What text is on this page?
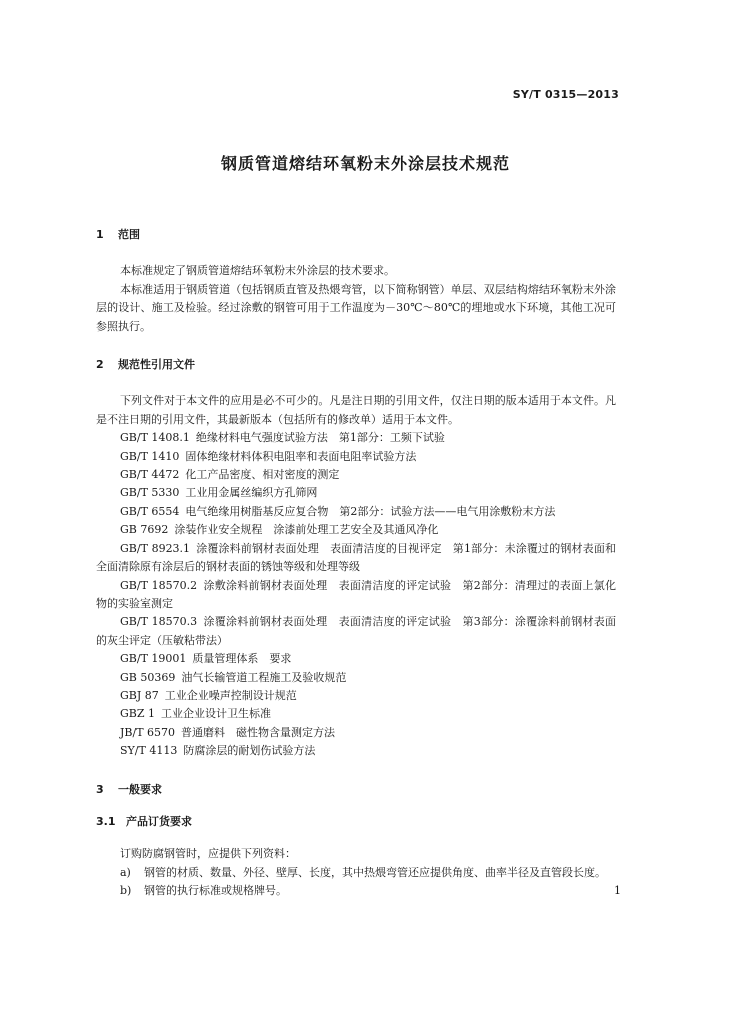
SY/T 0315—2013
钢质管道熔结环氧粉末外涂层技术规范
1 范围

本标准规定了钢质管道熔结环氧粉末外涂层的技术要求。

本标准适用于钢质管道（包括钢质直管及热煨弯管，以下简称钢管）单层、双层结构熔结环氧粉末外涂层的设计、施工及检验。经过涂敷的钢管可用于工作温度为－30℃～80℃的埋地或水下环境，其他工况可参照执行。

2 规范性引用文件

下列文件对于本文件的应用是必不可少的。凡是注日期的引用文件，仅注日期的版本适用于本文件。凡是不注日期的引用文件，其最新版本（包括所有的修改单）适用于本文件。

GB/T 1408.1 绝缘材料电气强度试验方法　第1部分：工频下试验
GB/T 1410 固体绝缘材料体积电阻率和表面电阻率试验方法
GB/T 4472 化工产品密度、相对密度的测定
GB/T 5330 工业用金属丝编织方孔筛网
GB/T 6554 电气绝缘用树脂基反应复合物　第2部分：试验方法——电气用涂敷粉末方法
GB 7692 涂装作业安全规程　涂漆前处理工艺安全及其通风净化
GB/T 8923.1 涂覆涂料前钢材表面处理　表面清洁度的目视评定　第1部分：未涂覆过的钢材表面和全面清除原有涂层后的钢材表面的锈蚀等级和处理等级
GB/T 18570.2 涂敷涂料前钢材表面处理　表面清洁度的评定试验　第2部分：清理过的表面上氯化物的实验室测定
GB/T 18570.3 涂覆涂料前钢材表面处理　表面清洁度的评定试验　第3部分：涂覆涂料前钢材表面的灰尘评定（压敏粘带法）
GB/T 19001 质量管理体系　要求
GB 50369 油气长输管道工程施工及验收规范
GBJ 87 工业企业噪声控制设计规范
GBZ 1 工业企业设计卫生标准
JB/T 6570 普通磨料　磁性物含量测定方法
SY/T 4113 防腐涂层的耐划伤试验方法
3 一般要求
3.1 产品订货要求

订购防腐钢管时，应提供下列资料：

a) 钢管的材质、数量、外径、壁厚、长度，其中热煨弯管还应提供角度、曲率半径及直管段长度。
b) 钢管的执行标准或规格牌号。	1
